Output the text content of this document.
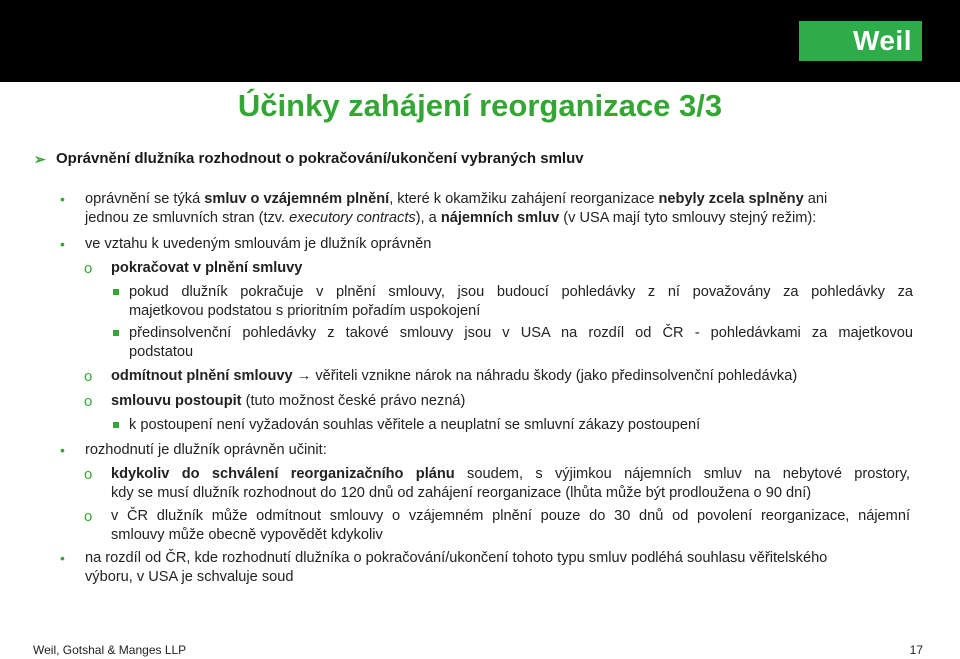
Weil
Účinky zahájení reorganizace 3/3
➢ Oprávnění dlužníka rozhodnout o pokračování/ukončení vybraných smluv
• oprávnění se týká smluv o vzájemném plnění, které k okamžiku zahájení reorganizace nebyly zcela splněny ani
jednou ze smluvních stran (tzv. executory contracts), a nájemních smluv (v USA mají tyto smlouvy stejný režim):
• ve vztahu k uvedeným smlouvám je dlužník oprávněn
o pokračovat v plnění smluvy
pokud dlužník pokračuje v plnění smlouvy, jsou budoucí pohledávky z ní považovány za pohledávky za
majetkovou podstatou s prioritním pořadím uspokojení
předinsolvenční pohledávky z takové smlouvy jsou v USA na rozdíl od ČR - pohledávkami za majetkovou
podstatou
o odmítnout plnění smlouvy → věřiteli vznikne nárok na náhradu škody (jako předinsolvenční pohledávka)
o smlouvu postoupit (tuto možnost české právo nezná)
k postoupení není vyžadován souhlas věřitele a neuplatní se smluvní zákazy postoupení
• rozhodnutí je dlužník oprávněn učinit:
o kdykoliv do schválení reorganizačního plánu soudem, s výjimkou nájemních smluv na nebytové prostory,
kdy se musí dlužník rozhodnout do 120 dnů od zahájení reorganizace (lhůta může být prodloužena o 90 dní)
o v ČR dlužník může odmítnout smlouvy o vzájemném plnění pouze do 30 dnů od povolení reorganizace, nájemní
smlouvy může obecně vypovědět kdykoliv
• na rozdíl od ČR, kde rozhodnutí dlužníka o pokračování/ukončení tohoto typu smluv podléhá souhlasu věřitelského
výboru, v USA je schvaluje soud
Weil, Gotshal & Manges LLP	17
